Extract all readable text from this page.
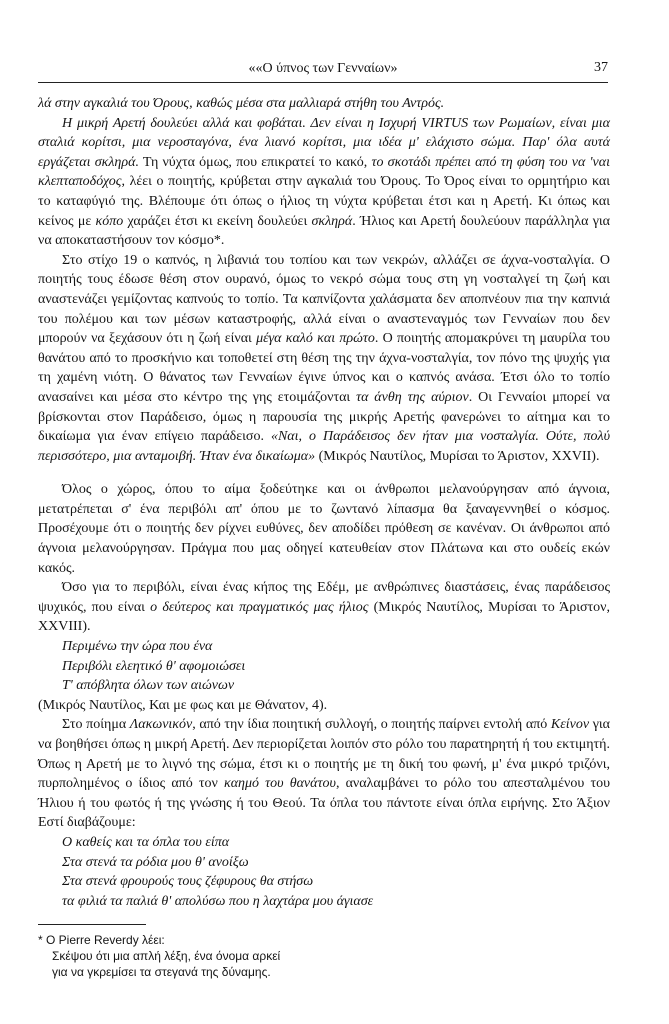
««Ο ύπνος των Γενναίων»	37

λά στην αγκαλιά του Όρους, καθώς μέσα στα μαλλιαρά στήθη του Αντρός.

Η μικρή Αρετή δουλεύει αλλά και φοβάται. Δεν είναι η Ισχυρή VIRTUS των Ρωμαίων, είναι μια σταλιά κορίτσι, μια νεροσταγόνα, ένα λιανό κορίτσι, μια ιδέα μ' ελάχιστο σώμα. Παρ' όλα αυτά εργάζεται σκληρά. Τη νύχτα όμως, που επικρατεί το κακό, το σκοτάδι πρέπει από τη φύση του να 'ναι κλεπταποδόχος, λέει ο ποιητής, κρύβεται στην αγκαλιά του Όρους. Το Όρος είναι το ορμητήριο και το καταφύγιό της. Βλέπουμε ότι όπως ο ήλιος τη νύχτα κρύβεται έτσι και η Αρετή. Κι όπως και κείνος με κόπο χαράζει έτσι κι εκείνη δουλεύει σκληρά. Ήλιος και Αρετή δουλεύουν παράλληλα για να αποκαταστήσουν τον κόσμο*.

Στο στίχο 19 ο καπνός, η λιβανιά του τοπίου και των νεκρών, αλλάζει σε άχνα-νοσταλγία. Ο ποιητής τους έδωσε θέση στον ουρανό, όμως το νεκρό σώμα τους στη γη νοσταλγεί τη ζωή και αναστενάζει γεμίζοντας καπνούς το τοπίο. Τα καπνίζοντα χαλάσματα δεν αποπνέουν πια την καπνιά του πολέμου και των μέσων καταστροφής, αλλά είναι ο αναστεναγμός των Γενναίων που δεν μπορούν να ξεχάσουν ότι η ζωή είναι μέγα καλό και πρώτο. Ο ποιητής απομακρύνει τη μαυρίλα του θανάτου από το προσκήνιο και τοποθετεί στη θέση της την άχνα-νοσταλγία, τον πόνο της ψυχής για τη χαμένη νιότη. Ο θάνατος των Γενναίων έγινε ύπνος και ο καπνός ανάσα. Έτσι όλο το τοπίο ανασαίνει και μέσα στο κέντρο της γης ετοιμάζονται τα άνθη της αύριον. Οι Γενναίοι μπορεί να βρίσκονται στον Παράδεισο, όμως η παρουσία της μικρής Αρετής φανερώνει το αίτημα και το δικαίωμα για έναν επίγειο παράδεισο. «Ναι, ο Παράδεισος δεν ήταν μια νοσταλγία. Ούτε, πολύ περισσότερο, μια ανταμοιβή. Ήταν ένα δικαίωμα» (Μικρός Ναυτίλος, Μυρίσαι το Άριστον, XXVII).

Όλος ο χώρος, όπου το αίμα ξοδεύτηκε και οι άνθρωποι μελανούργησαν από άγνοια, μετατρέπεται σ' ένα περιβόλι απ' όπου με το ζωντανό λίπασμα θα ξαναγεννηθεί ο κόσμος. Προσέχουμε ότι ο ποιητής δεν ρίχνει ευθύνες, δεν αποδίδει πρόθεση σε κανέναν. Οι άνθρωποι από άγνοια μελανούργησαν. Πράγμα που μας οδηγεί κατευθείαν στον Πλάτωνα και στο ουδείς εκών κακός.

Όσο για το περιβόλι, είναι ένας κήπος της Εδέμ, με ανθρώπινες διαστάσεις, ένας παράδεισος ψυχικός, που είναι ο δεύτερος και πραγματικός μας ήλιος (Μικρός Ναυτίλος, Μυρίσαι το Άριστον, XXVIII).

Περιμένω την ώρα που ένα
Περιβόλι ελεητικό θ' αφομοιώσει
Τ' απόβλητα όλων των αιώνων

(Μικρός Ναυτίλος, Και με φως και με Θάνατον, 4).

Στο ποίημα Λακωνικόν, από την ίδια ποιητική συλλογή, ο ποιητής παίρνει εντολή από Κείνον για να βοηθήσει όπως η μικρή Αρετή. Δεν περιορίζεται λοιπόν στο ρόλο του παρατηρητή ή του εκτιμητή. Όπως η Αρετή με το λιγνό της σώμα, έτσι κι ο ποιητής με τη δική του φωνή, μ' ένα μικρό τριζόνι, πυρπολημένος ο ίδιος από τον καημό του θανάτου, αναλαμβάνει το ρόλο του απεσταλμένου του Ήλιου ή του φωτός ή της γνώσης ή του Θεού. Τα όπλα του πάντοτε είναι όπλα ειρήνης. Στο Άξιον Εστί διαβάζουμε:

Ο καθείς και τα όπλα του είπα
Στα στενά τα ρόδια μου θ' ανοίξω
Στα στενά φρουρούς τους ζέφυρους θα στήσω
τα φιλιά τα παλιά θ' απολύσω που η λαχτάρα μου άγιασε
* Ο Pierre Reverdy λέει:
Σκέψου ότι μια απλή λέξη, ένα όνομα αρκεί
για να γκρεμίσει τα στεγανά της δύναμης.
